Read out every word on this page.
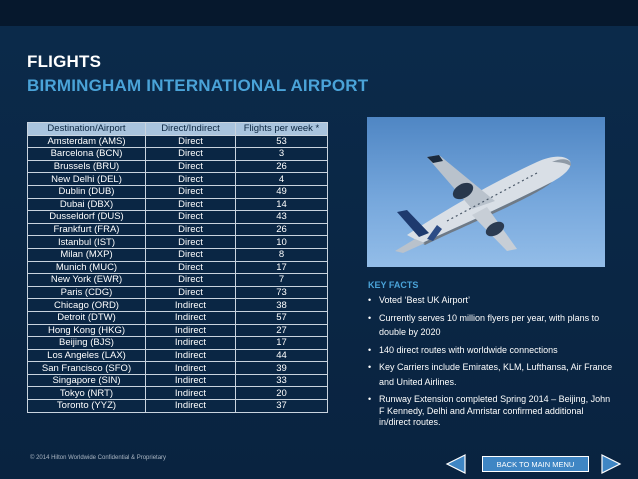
FLIGHTS
BIRMINGHAM INTERNATIONAL AIRPORT
Destination/Airport	Direct/Indirect	Flights per week *
Amsterdam (AMS)	Direct	53
Barcelona (BCN)	Direct	3
Brussels (BRU)	Direct	26
New Delhi (DEL)	Direct	4
Dublin (DUB)	Direct	49
Dubai (DBX)	Direct	14
Dusseldorf (DUS)	Direct	43
Frankfurt (FRA)	Direct	26
Istanbul (IST)	Direct	10
Milan (MXP)	Direct	8
Munich (MUC)	Direct	17
New York (EWR)	Direct	7
Paris (CDG)	Direct	73
Chicago (ORD)	Indirect	38
Detroit (DTW)	Indirect	57
Hong Kong (HKG)	Indirect	27
Beijing (BJS)	Indirect	17
Los Angeles (LAX)	Indirect	44
San Francisco (SFO)	Indirect	39
Singapore (SIN)	Indirect	33
Tokyo (NRT)	Indirect	20
Toronto (YYZ)	Indirect	37
KEY FACTS
• Voted ‘Best UK Airport’
• Currently serves 10 million flyers per year, with plans to double by 2020
• 140 direct routes with worldwide connections
• Key Carriers include Emirates, KLM, Lufthansa, Air France and United Airlines.
• Runway Extension completed Spring 2014 – Beijing, John F Kennedy, Delhi and Amristar confirmed additional in/direct routes.
© 2014 Hilton Worldwide Confidential & Proprietary
BACK TO MAIN MENU
